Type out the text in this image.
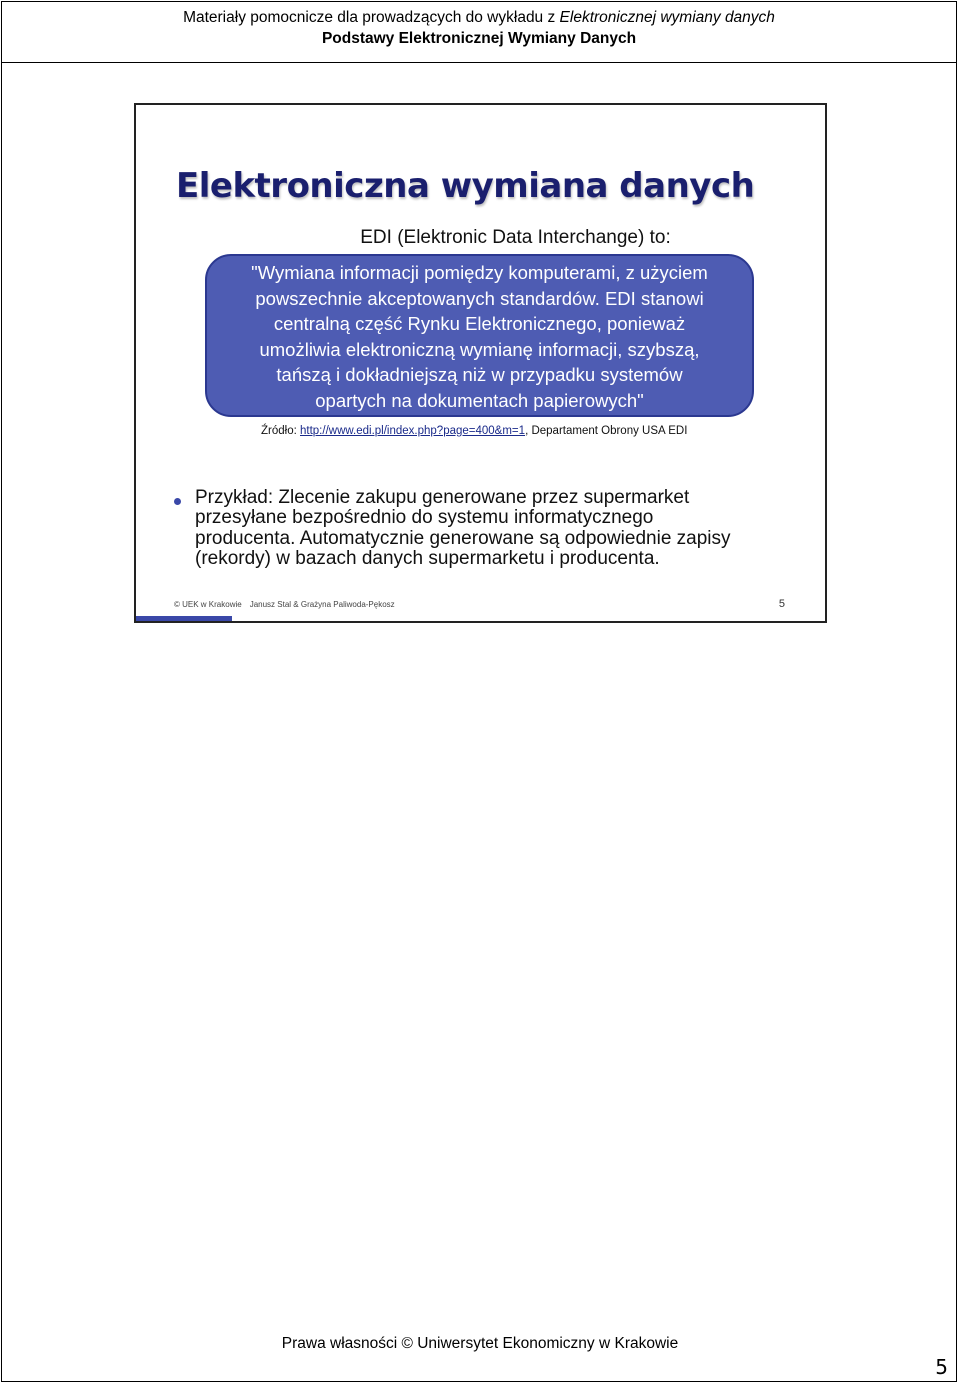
Materiały pomocnicze dla prowadzących do wykładu z Elektronicznej wymiany danych
Podstawy Elektronicznej Wymiany Danych
Elektroniczna wymiana danych
EDI (Elektronic Data Interchange) to:
"Wymiana informacji pomiędzy komputerami, z użyciem
powszechnie akceptowanych standardów. EDI stanowi
centralną część Rynku Elektronicznego, ponieważ
umożliwia elektroniczną wymianę informacji, szybszą,
tańszą i dokładniejszą niż w przypadku systemów
opartych na dokumentach papierowych"
Źródło: http://www.edi.pl/index.php?page=400&m=1, Departament Obrony USA EDI
Przykład: Zlecenie zakupu generowane przez supermarket
przesyłane bezpośrednio do systemu informatycznego
producenta. Automatycznie generowane są odpowiednie zapisy
(rekordy) w bazach danych supermarketu i producenta.
© UEK w Krakowie Janusz Stal & Grażyna Paliwoda-Pękosz	5
Prawa własności © Uniwersytet Ekonomiczny w Krakowie
5
